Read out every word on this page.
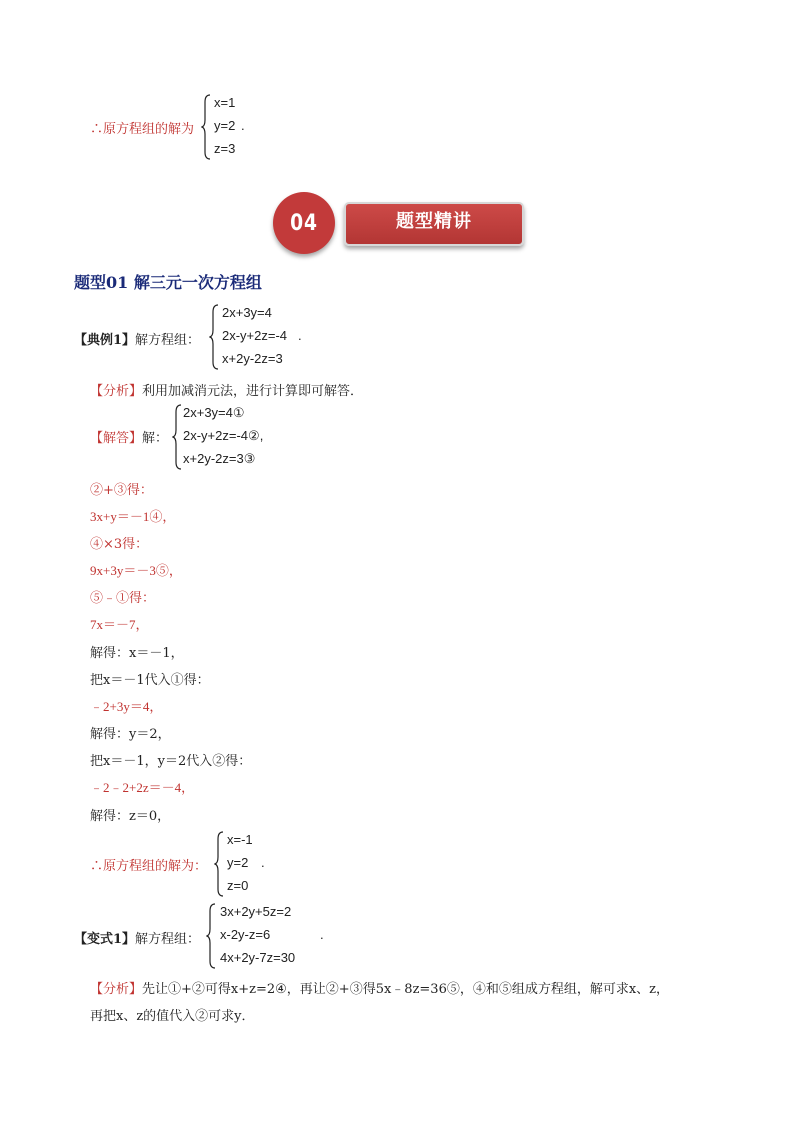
∴原方程组的解为
x=1
y=2 .
z=3
04	题型精讲
题型01 解三元一次方程组
【典例1】解方程组：
2x+3y=4
2x-y+2z=-4 .
x+2y-2z=3
【分析】利用加减消元法，进行计算即可解答．
【解答】解：
2x+3y=4①
2x-y+2z=-4②,
x+2y-2z=3③
②+③得：
3x+y＝－1④，
④×3得：
9x+3y＝－3⑤，
⑤﹣①得：
7x＝－7，
解得：x＝－1，
把x＝－1代入①得：
﹣2+3y＝4，
解得：y＝2，
把x＝－1，y＝2代入②得：
﹣2﹣2+2z＝－4，
解得：z＝0，
∴原方程组的解为：
x=-1
y=2 .
z=0
【变式1】解方程组：
3x+2y+5z=2
x-2y-z=6	.
4x+2y-7z=30
【分析】先让①+②可得x+z=2④，再让②+③得5x﹣8z=36⑤，④和⑤组成方程组，解可求x、z，
再把x、z的值代入②可求y．
